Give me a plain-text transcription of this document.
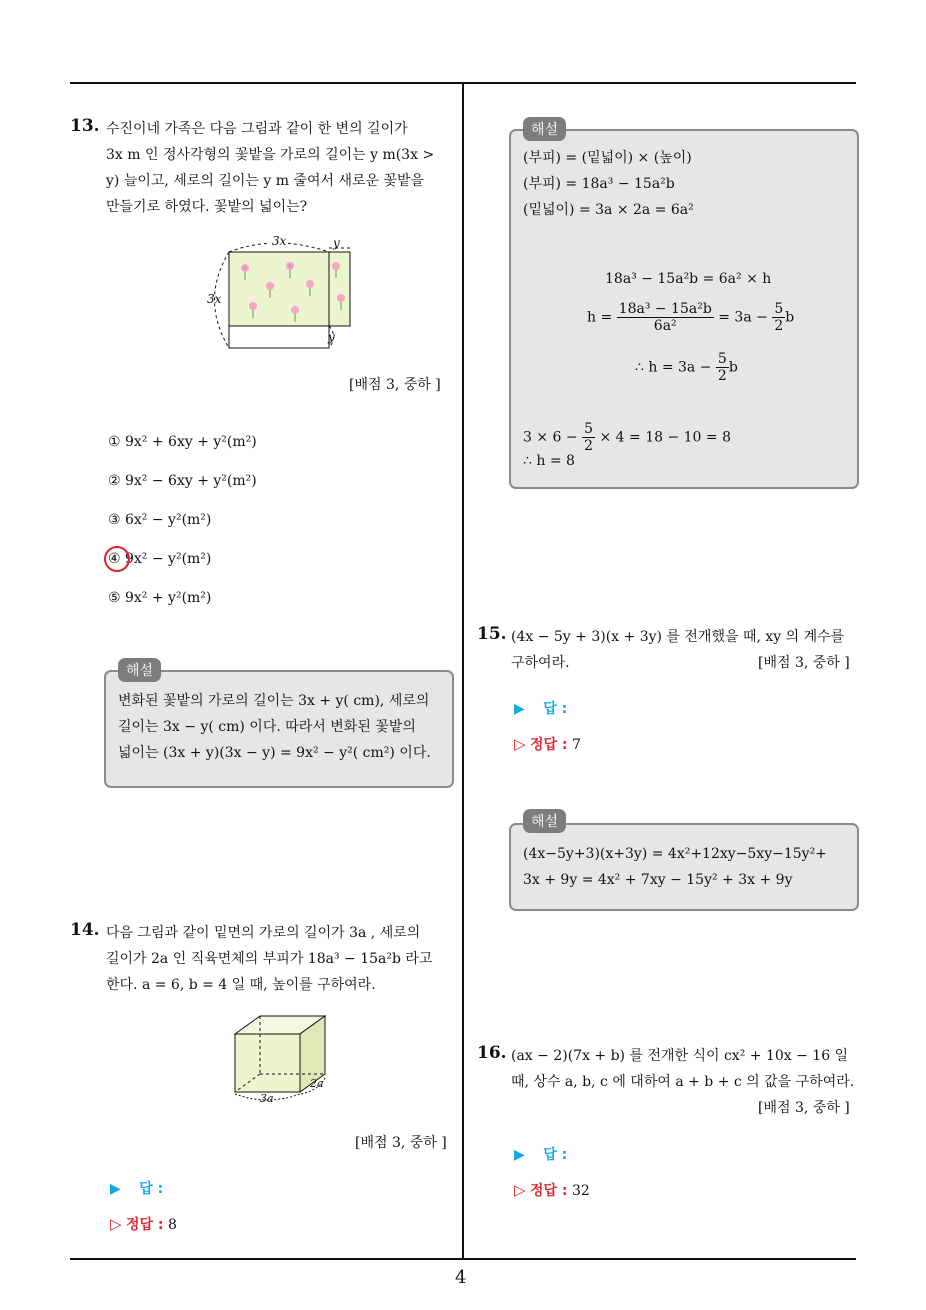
4
13. 수진이네 가족은 다음 그림과 같이 한 변의 길이가
3x m 인 정사각형의 꽃밭을 가로의 길이는 y m(3x >
y) 늘이고, 세로의 길이는 y m 줄여서 새로운 꽃밭을
만들기로 하였다. 꽃밭의 넓이는?
3x	y
3x
y
[배점 3, 중하 ]
① 9x² + 6xy + y²(m²)
② 9x² − 6xy + y²(m²)
③ 6x² − y²(m²)
④ 9x² − y²(m²)
⑤ 9x² + y²(m²)
변화된 꽃밭의 가로의 길이는 3x + y( cm), 세로의
길이는 3x − y( cm) 이다. 따라서 변화된 꽃밭의
넓이는 (3x + y)(3x − y) = 9x² − y²( cm²) 이다.
해설
14. 다음 그림과 같이 밑면의 가로의 길이가 3a , 세로의
길이가 2a 인 직육면체의 부피가 18a³ − 15a²b 라고
한다. a = 6, b = 4 일 때, 높이를 구하여라.
3a
2a
[배점 3, 중하 ]
▶ 답 :
▷ 정답 : 8
(부피) = (밑넓이) × (높이)
(부피) = 18a³ − 15a²b
(밑넓이) = 3a × 2a = 6a²
18a³ − 15a²b = 6a² × h
$h = \frac{\text{18a³ − 15a²b}}{\text{6a²}} = 3a - \frac{5}{2}$ b
∴ $h = 3a - \frac{5}{2}$ b
$3 \times 6 - \frac{5}{2} \times 4 = 18 - 10 = 8$
∴ h = 8
해설
15. (4x − 5y + 3)(x + 3y) 를 전개했을 때, xy 의 계수를
구하여라.	[배점 3, 중하 ]
▶ 답 :
▷ 정답 : 7
(4x−5y+3)(x+3y) = 4x²+12xy−5xy−15y²+
3x + 9y = 4x² + 7xy − 15y² + 3x + 9y
해설
16. (ax − 2)(7x + b) 를 전개한 식이 cx² + 10x − 16 일
때, 상수 a, b, c 에 대하여 a + b + c 의 값을 구하여라.
[배점 3, 중하 ]
▶ 답 :
▷ 정답 : 32
